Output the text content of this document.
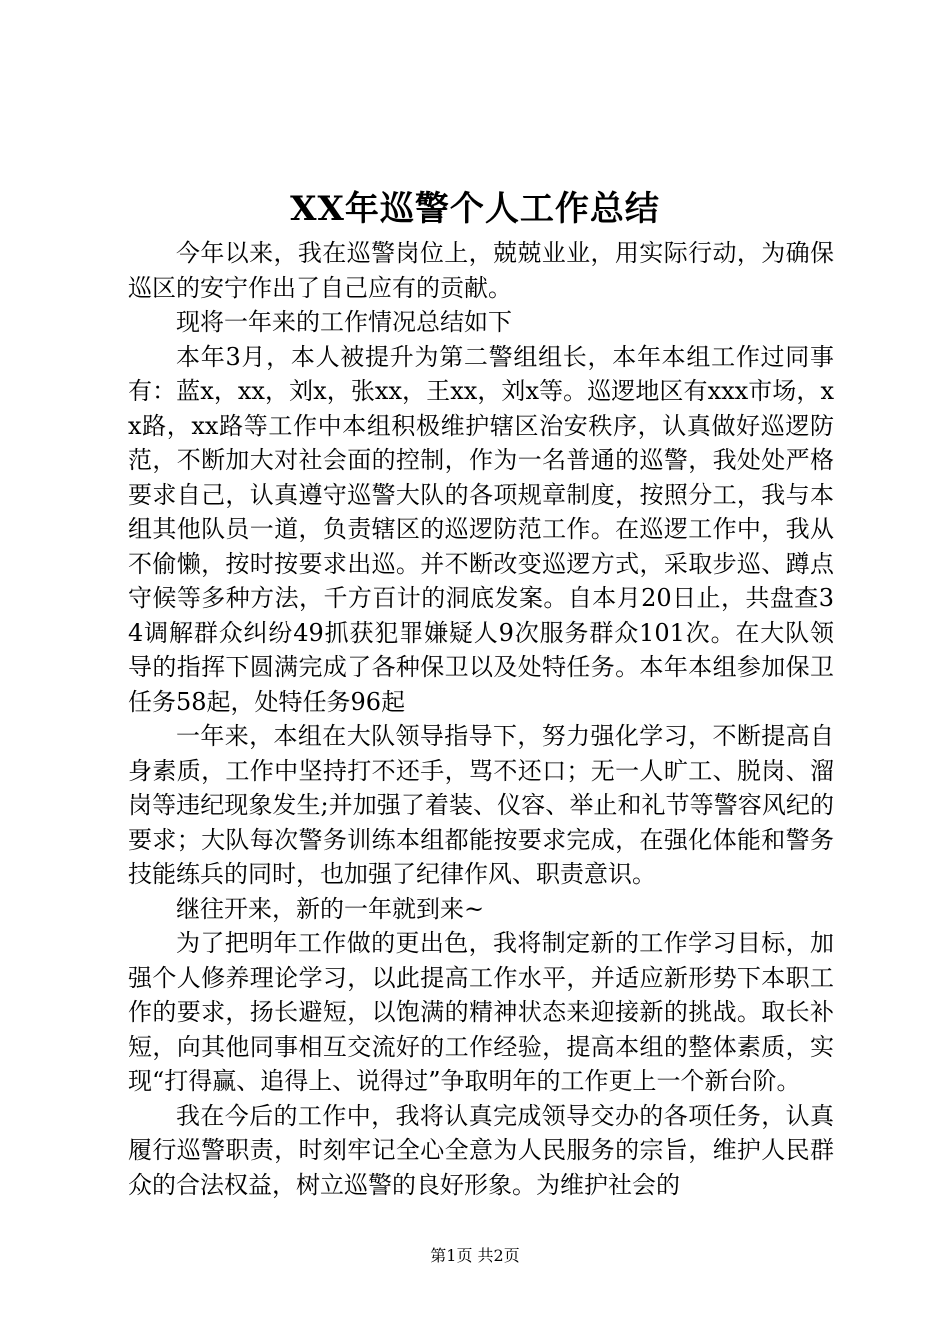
XX年巡警个人工作总结

今年以来，我在巡警岗位上，兢兢业业，用实际行动，为确保巡区的安宁作出了自己应有的贡献。

现将一年来的工作情况总结如下

本年3月，本人被提升为第二警组组长，本年本组工作过同事有：蓝x，xx，刘x，张xx，王xx，刘x等。巡逻地区有xxx市场，xx路，xx路等工作中本组积极维护辖区治安秩序，认真做好巡逻防范，不断加大对社会面的控制，作为一名普通的巡警，我处处严格要求自己，认真遵守巡警大队的各项规章制度，按照分工，我与本组其他队员一道，负责辖区的巡逻防范工作。在巡逻工作中，我从不偷懒，按时按要求出巡。并不断改变巡逻方式，采取步巡、蹲点守候等多种方法，千方百计的洞底发案。自本月20日止，共盘查34调解群众纠纷49抓获犯罪嫌疑人9次服务群众101次。在大队领导的指挥下圆满完成了各种保卫以及处特任务。本年本组参加保卫任务58起，处特任务96起

一年来，本组在大队领导指导下，努力强化学习，不断提高自身素质，工作中坚持打不还手，骂不还口；无一人旷工、脱岗、溜岗等违纪现象发生;并加强了着装、仪容、举止和礼节等警容风纪的要求；大队每次警务训练本组都能按要求完成，在强化体能和警务技能练兵的同时，也加强了纪律作风、职责意识。

继往开来，新的一年就到来~

为了把明年工作做的更出色，我将制定新的工作学习目标，加强个人修养理论学习，以此提高工作水平，并适应新形势下本职工作的要求，扬长避短，以饱满的精神状态来迎接新的挑战。取长补短，向其他同事相互交流好的工作经验，提高本组的整体素质，实现“打得赢、追得上、说得过”争取明年的工作更上一个新台阶。

我在今后的工作中，我将认真完成领导交办的各项任务，认真履行巡警职责，时刻牢记全心全意为人民服务的宗旨，维护人民群众的合法权益，树立巡警的良好形象。为维护社会的

第1页 共2页
